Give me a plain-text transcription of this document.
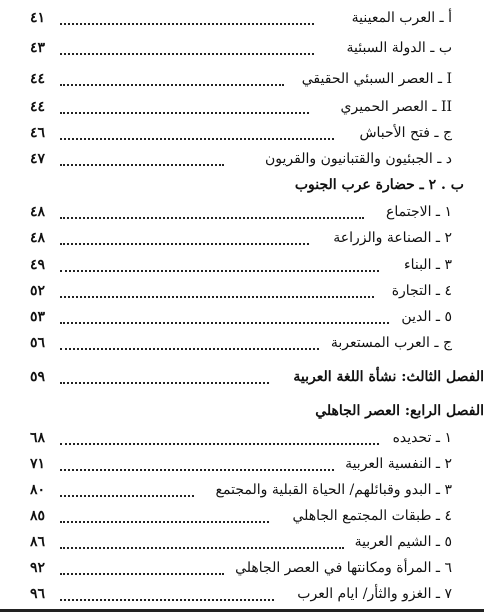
أ ـ العرب المعينية
٤١
ب ـ الدولة السبئية
٤٣
I ـ العصر السبئي الحقيقي
٤٤
II ـ العصر الحميري
٤٤
ج ـ فتح الأحباش
٤٦
د ـ الجبئيون والقتبانيون والقريون
٤٧
ب . ٢ ـ حضارة عرب الجنوب
١ ـ الاجتماع
٤٨
٢ ـ الصناعة والزراعة
٤٨
٣ ـ البناء
٤٩
٤ ـ التجارة
٥٢
٥ ـ الدين
٥٣
ج ـ العرب المستعربة
٥٦
الفصل الثالث: نشأة اللغة العربية
٥٩
الفصل الرابع: العصر الجاهلي
١ ـ تحديده
٦٨
٢ ـ النفسية العربية
٧١
٣ ـ البدو وقبائلهم/ الحياة القبلية والمجتمع
٨٠
٤ ـ طبقات المجتمع الجاهلي
٨٥
٥ ـ الشيم العربية
٨٦
٦ ـ المرأة ومكانتها في العصر الجاهلي
٩٢
٧ ـ الغزو والثأر/ ايام العرب
٩٦
